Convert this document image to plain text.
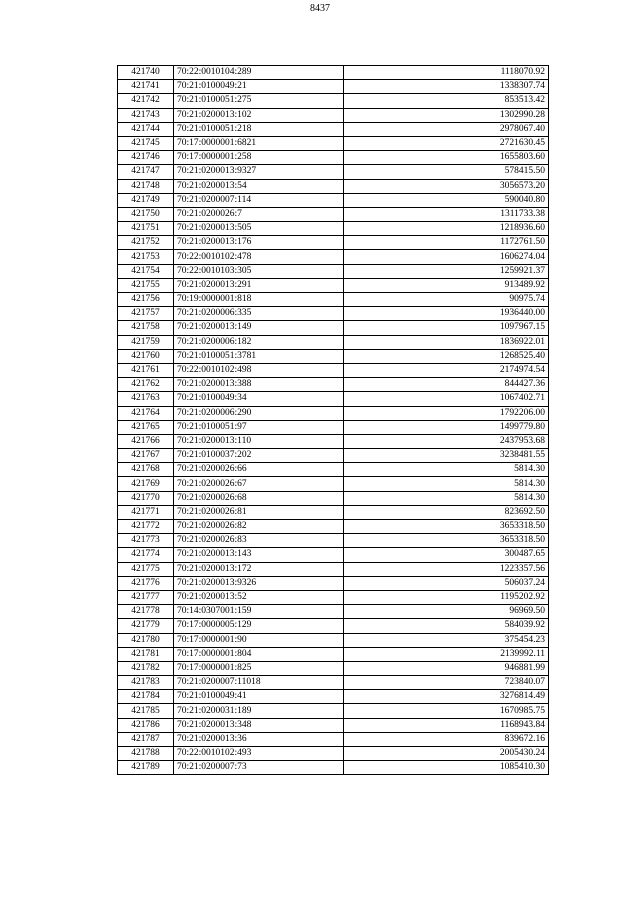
8437
421740	70:22:0010104:289	1118070.92
421741	70:21:0100049:21	1338307.74
421742	70:21:0100051:275	853513.42
421743	70:21:0200013:102	1302990.28
421744	70:21:0100051:218	2978067.40
421745	70:17:0000001:6821	2721630.45
421746	70:17:0000001:258	1655803.60
421747	70:21:0200013:9327	578415.50
421748	70:21:0200013:54	3056573.20
421749	70:21:0200007:114	590040.80
421750	70:21:0200026:7	1311733.38
421751	70:21:0200013:505	1218936.60
421752	70:21:0200013:176	1172761.50
421753	70:22:0010102:478	1606274.04
421754	70:22:0010103:305	1259921.37
421755	70:21:0200013:291	913489.92
421756	70:19:0000001:818	90975.74
421757	70:21:0200006:335	1936440.00
421758	70:21:0200013:149	1097967.15
421759	70:21:0200006:182	1836922.01
421760	70:21:0100051:3781	1268525.40
421761	70:22:0010102:498	2174974.54
421762	70:21:0200013:388	844427.36
421763	70:21:0100049:34	1067402.71
421764	70:21:0200006:290	1792206.00
421765	70:21:0100051:97	1499779.80
421766	70:21:0200013:110	2437953.68
421767	70:21:0100037:202	3238481.55
421768	70:21:0200026:66	5814.30
421769	70:21:0200026:67	5814.30
421770	70:21:0200026:68	5814.30
421771	70:21:0200026:81	823692.50
421772	70:21:0200026:82	3653318.50
421773	70:21:0200026:83	3653318.50
421774	70:21:0200013:143	300487.65
421775	70:21:0200013:172	1223357.56
421776	70:21:0200013:9326	506037.24
421777	70:21:0200013:52	1195202.92
421778	70:14:0307001:159	96969.50
421779	70:17:0000005:129	584039.92
421780	70:17:0000001:90	375454.23
421781	70:17:0000001:804	2139992.11
421782	70:17:0000001:825	946881.99
421783	70:21:0200007:11018	723840.07
421784	70:21:0100049:41	3276814.49
421785	70:21:0200031:189	1670985.75
421786	70:21:0200013:348	1168943.84
421787	70:21:0200013:36	839672.16
421788	70:22:0010102:493	2005430.24
421789	70:21:0200007:73	1085410.30
